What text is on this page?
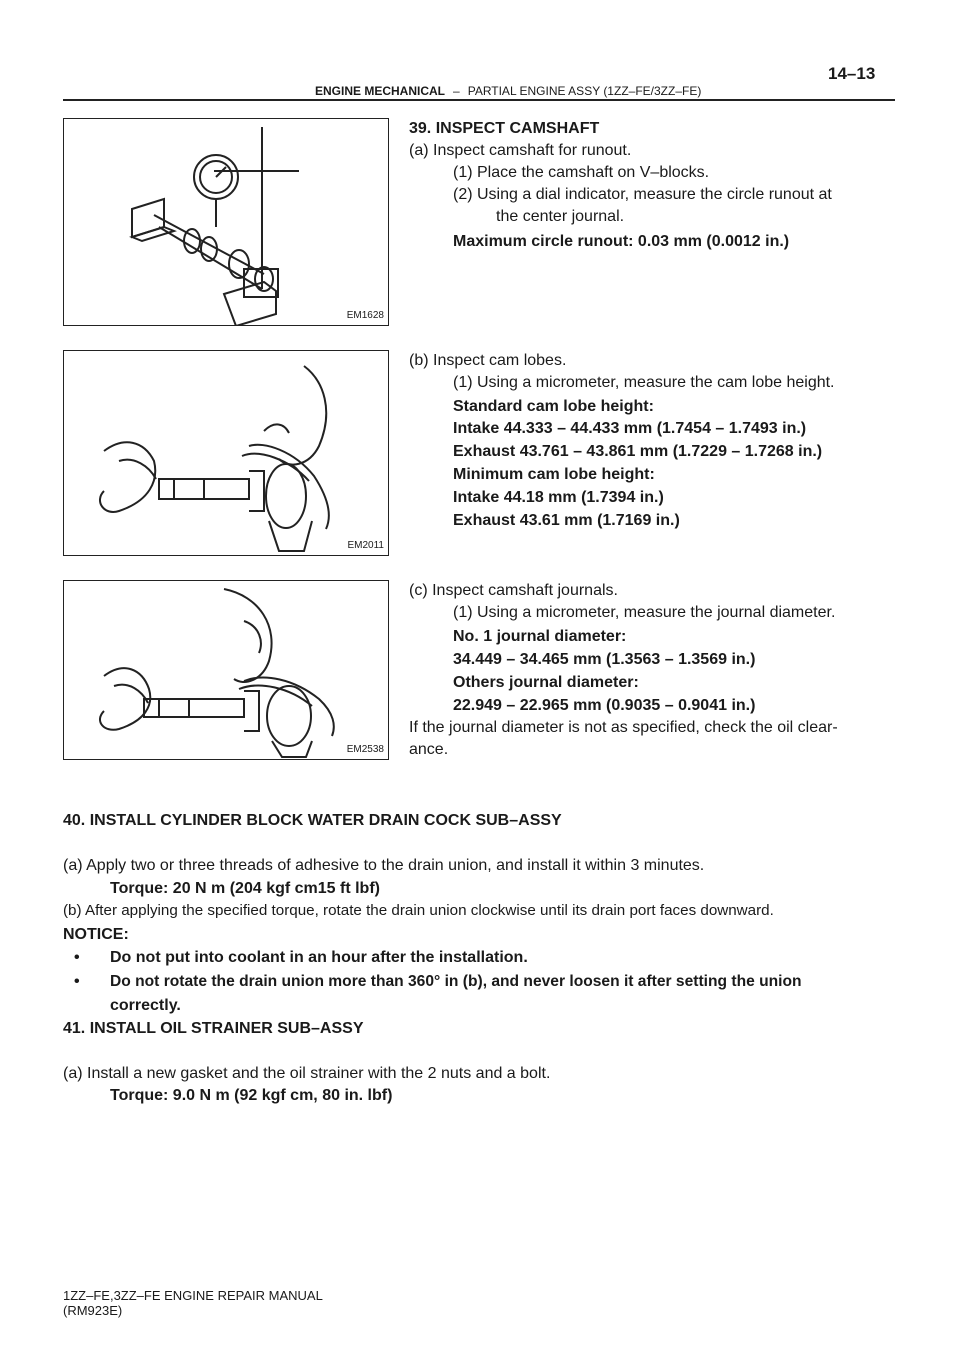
14–13
ENGINE MECHANICAL – PARTIAL ENGINE ASSY (1ZZ–FE/3ZZ–FE)
EM1628
EM2011
EM2538
39. INSPECT CAMSHAFT
(a) Inspect camshaft for runout.
(1) Place the camshaft on V–blocks.
(2) Using a dial indicator, measure the circle runout at
the center journal.
Maximum circle runout: 0.03 mm (0.0012 in.)
(b) Inspect cam lobes.
(1) Using a micrometer, measure the cam lobe height.
Standard cam lobe height:
Intake 44.333 – 44.433 mm (1.7454 – 1.7493 in.)
Exhaust 43.761 – 43.861 mm (1.7229 – 1.7268 in.)
Minimum cam lobe height:
Intake 44.18 mm (1.7394 in.)
Exhaust 43.61 mm (1.7169 in.)
(c) Inspect camshaft journals.
(1) Using a micrometer, measure the journal diameter.
No. 1 journal diameter:
34.449 – 34.465 mm (1.3563 – 1.3569 in.)
Others journal diameter:
22.949 – 22.965 mm (0.9035 – 0.9041 in.)
If the journal diameter is not as specified, check the oil clear-
ance.
40. INSTALL CYLINDER BLOCK WATER DRAIN COCK SUB–ASSY
(a) Apply two or three threads of adhesive to the drain union, and install it within 3 minutes.
Torque: 20 N m (204 kgf cm15 ft lbf)
(b) After applying the specified torque, rotate the drain union clockwise until its drain port faces downward.
NOTICE:
• Do not put into coolant in an hour after the installation.
• Do not rotate the drain union more than 360° in (b), and never loosen it after setting the union
correctly.
41. INSTALL OIL STRAINER SUB–ASSY
(a) Install a new gasket and the oil strainer with the 2 nuts and a bolt.
Torque: 9.0 N m (92 kgf cm, 80 in. lbf)
1ZZ–FE,3ZZ–FE ENGINE REPAIR MANUAL
(RM923E)
